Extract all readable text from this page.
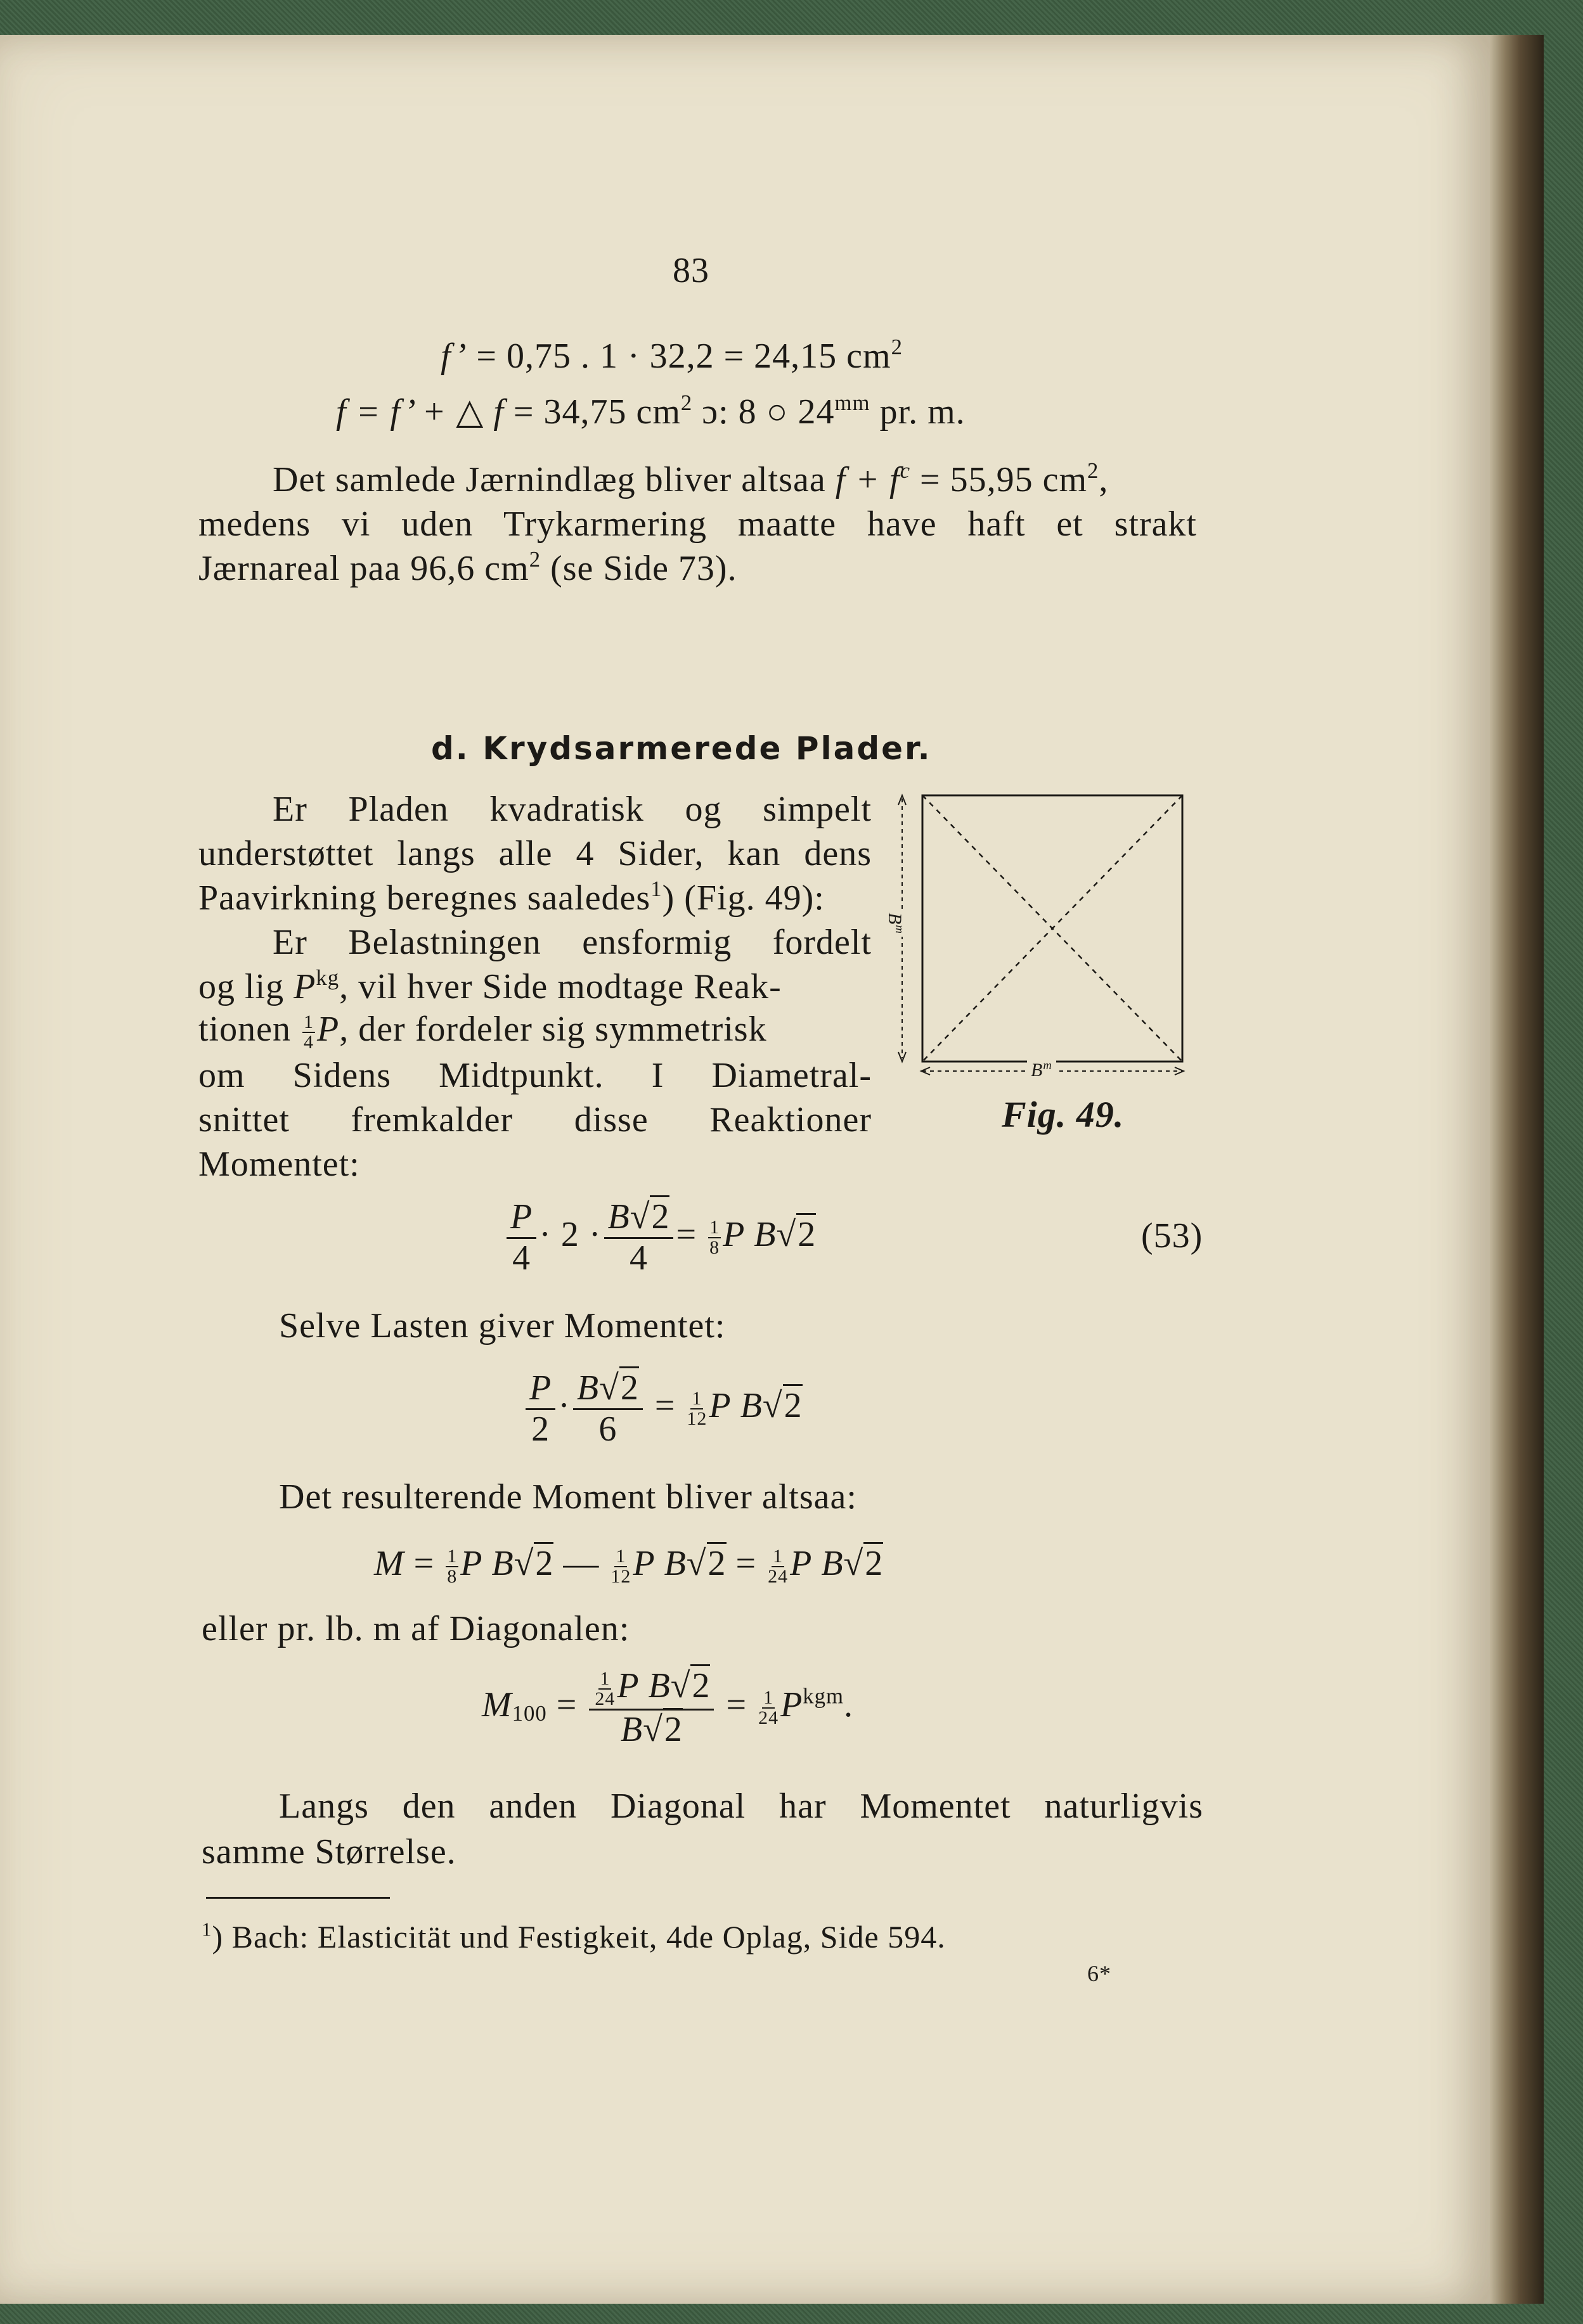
83
f’ = 0,75 . 1 · 32,2 = 24,15 $cm^2$
f = f’ + △ f = 34,75 $cm^2$ ɔ: 8 ○ $24^{mm}$ pr. m.
Det samlede Jærnindlæg bliver altsaa $f + f^c = 55,95$ $cm^2$,
medens vi uden Trykarmering maatte have haft et strakt
Jærnareal paa 96,6 $cm^2$ (se Side 73).
d. Krydsarmerede Plader.
Er Pladen kvadratisk og simpelt
understøttet langs alle 4 Sider, kan dens
Paavirkning beregnes saaledes$^1$) (Fig. 49):
Er Belastningen ensformig fordelt
og lig $P^{kg}$, vil hver Side modtage Reak-
tionen $\frac{1}{4} P$, der fordeler sig symmetrisk
om Sidens Midtpunkt. I Diametral-
snittet fremkalder disse Reaktioner
Momentet:
$B^m$
$B^m$
Fig. 49.
$\frac{P}{4} \cdot 2 \cdot \frac{B√2}{4} = \frac{1}{8}$ P B√2	(53)
Selve Lasten giver Momentet:
$\frac{P}{2} \cdot \frac{B√2}{6} = \frac{1}{12}$ P B√2
Det resulterende Moment bliver altsaa:
$M = \frac{1}{8}$ P B√2 — $\frac{1}{12}$ P $B√2 = \frac{1}{24}$ P B√2
eller pr. lb. m af Diagonalen:
$M_{100} = \frac{\frac{1}{24} P B√2}{B√2} = \frac{1}{24} P^{kgm}$.
Langs den anden Diagonal har Momentet naturligvis
samme Størrelse.
$^1$) Bach: Elasticität und Festigkeit, 4de Oplag, Side 594.
6*
